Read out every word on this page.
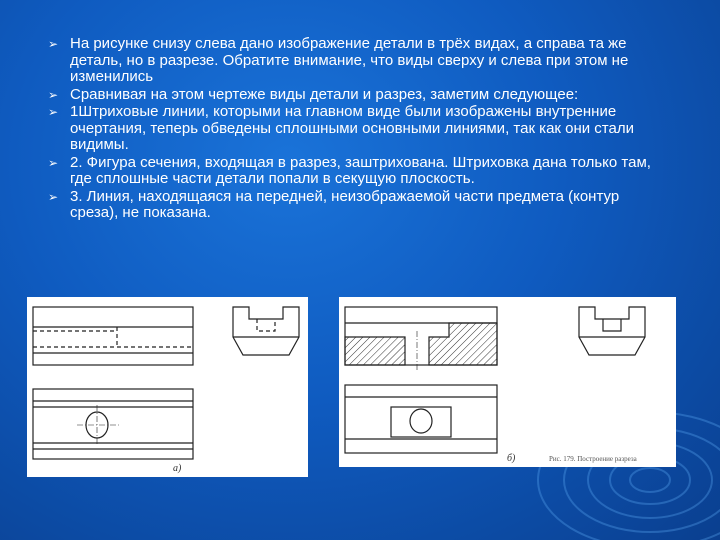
➢ На рисунке снизу слева дано изображение детали в трёх видах, а справа та же деталь, но в разрезе. Обратите внимание, что виды сверху и слева при этом не изменились
➢ Сравнивая на этом чертеже виды детали и разрез, заметим следующее:
➢ 1Штриховые линии, которыми на главном виде были изображены внутренние очертания, теперь обведены сплошными основными линиями, так как они стали видимы.
➢ 2. Фигура сечения, входящая в разрез, заштрихована. Штриховка дана только там, где сплошные части детали попали в секущую плоскость.
➢ 3. Линия, находящаяся на передней, неизображаемой части предмета (контур среза), не показана.
а)
б)	Рис. 179. Построение разреза
